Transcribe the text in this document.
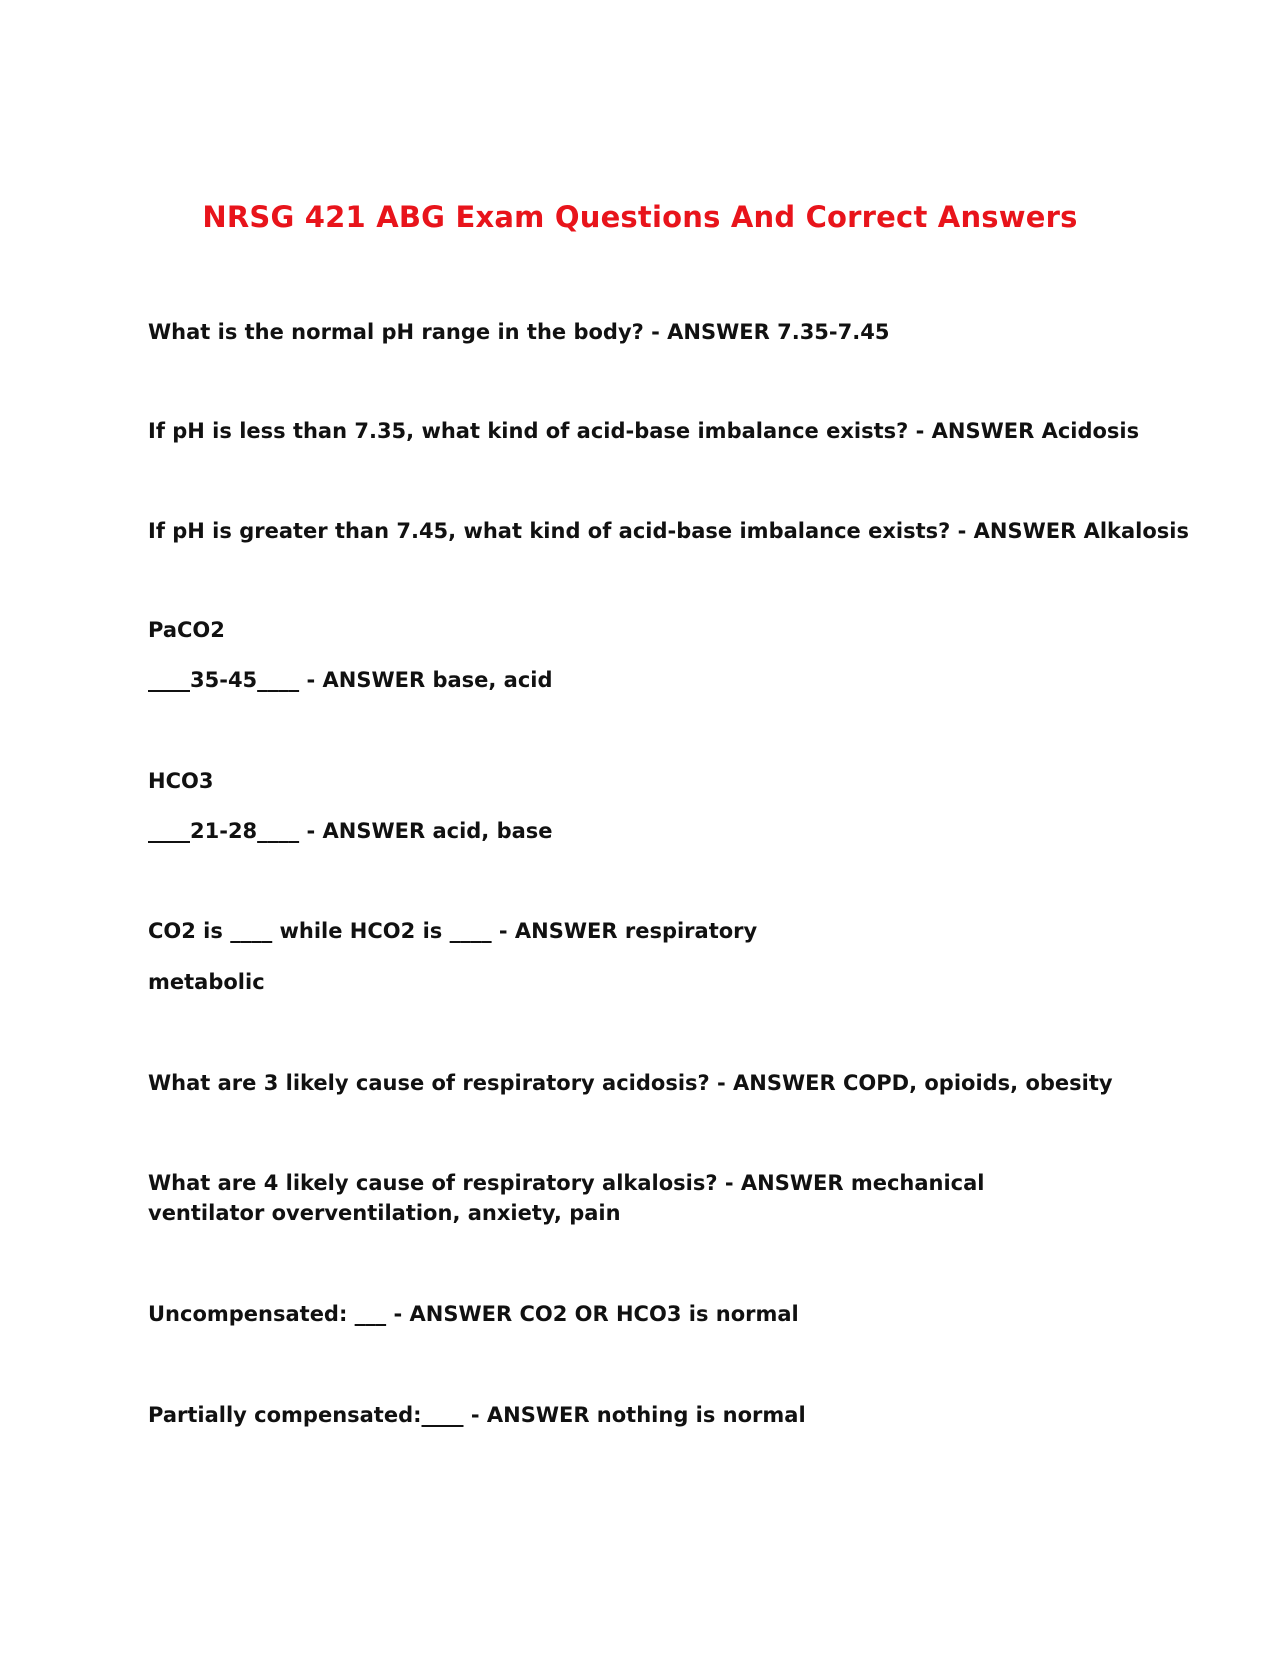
NRSG 421 ABG Exam Questions And Correct Answers
What is the normal pH range in the body? - ANSWER 7.35-7.45
If pH is less than 7.35, what kind of acid-base imbalance exists? - ANSWER Acidosis
If pH is greater than 7.45, what kind of acid-base imbalance exists? - ANSWER Alkalosis
PaCO2
____35-45____ - ANSWER base, acid
HCO3
____21-28____ - ANSWER acid, base
CO2 is ____ while HCO2 is ____ - ANSWER respiratory
metabolic
What are 3 likely cause of respiratory acidosis? - ANSWER COPD, opioids, obesity
What are 4 likely cause of respiratory alkalosis? - ANSWER mechanical ventilator overventilation, anxiety, pain
Uncompensated: ___ - ANSWER CO2 OR HCO3 is normal
Partially compensated:____ - ANSWER nothing is normal
